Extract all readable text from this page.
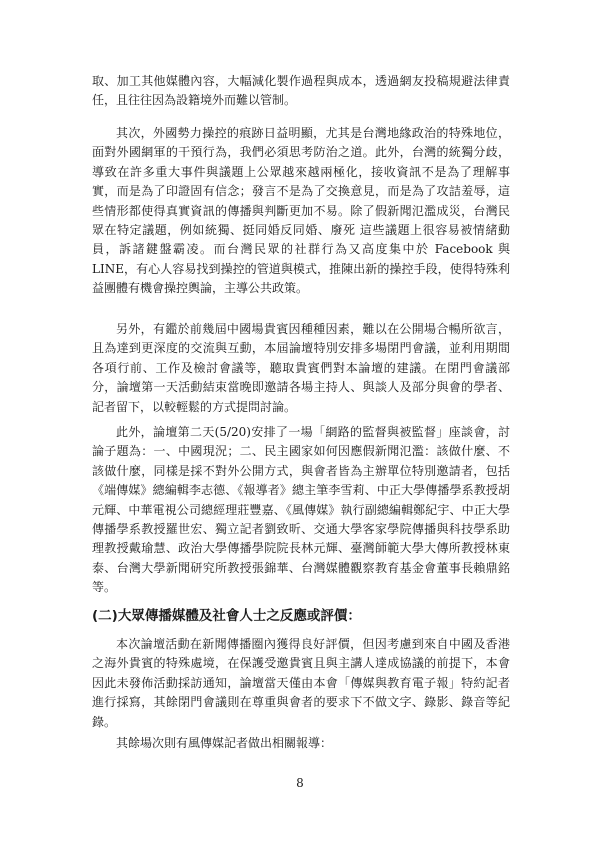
取、加工其他媒體內容，大幅減化製作過程與成本，透過網友投稿規避法律責任，且往往因為設籍境外而難以管制。

其次，外國勢力操控的痕跡日益明顯，尤其是台灣地緣政治的特殊地位，面對外國網軍的干預行為，我們必須思考防治之道。此外，台灣的統獨分歧，導致在許多重大事件與議題上公眾越來越兩極化，接收資訊不是為了理解事實，而是為了印證固有信念；發言不是為了交換意見，而是為了攻詰羞辱，這些情形都使得真實資訊的傳播與判斷更加不易。除了假新聞氾濫成災，台灣民眾在特定議題，例如統獨、挺同婚反同婚、廢死 這些議題上很容易被情緒動員，訴諸鍵盤霸凌。而台灣民眾的社群行為又高度集中於 Facebook 與 LINE，有心人容易找到操控的管道與模式，推陳出新的操控手段，使得特殊利益團體有機會操控輿論，主導公共政策。

另外，有鑑於前幾屆中國場貴賓因種種因素，難以在公開場合暢所欲言，且為達到更深度的交流與互動，本屆論壇特別安排多場閉門會議，並利用期間各項行前、工作及檢討會議等，聽取貴賓們對本論壇的建議。在閉門會議部分，論壇第一天活動結束當晚即邀請各場主持人、與談人及部分與會的學者、記者留下，以較輕鬆的方式提問討論。

此外，論壇第二天(5/20)安排了一場「網路的監督與被監督」座談會，討論子題為：一、中國現況；二、民主國家如何因應假新聞氾濫：該做什麼、不該做什麼，同樣是採不對外公開方式，與會者皆為主辦單位特別邀請者，包括《端傳媒》總編輯李志德、《報導者》總主筆李雪莉、中正大學傳播學系教授胡元輝、中華電視公司總經理莊豐嘉、《風傳媒》執行副總編輯鄭紀宇、中正大學傳播學系教授羅世宏、獨立記者劉致昕、交通大學客家學院傳播與科技學系助理教授戴瑜慧、政治大學傳播學院院長林元輝、臺灣師範大學大傳所教授林東泰、台灣大學新聞研究所教授張錦華、台灣媒體觀察教育基金會董事長賴鼎銘等。

(二)大眾傳播媒體及社會人士之反應或評價：

本次論壇活動在新聞傳播圈內獲得良好評價，但因考慮到來自中國及香港之海外貴賓的特殊處境，在保護受邀貴賓且與主講人達成協議的前提下，本會因此未發佈活動採訪通知，論壇當天僅由本會「傳媒與教育電子報」特約記者進行採寫，其餘閉門會議則在尊重與會者的要求下不做文字、錄影、錄音等紀錄。

其餘場次則有風傳媒記者做出相關報導：

8
